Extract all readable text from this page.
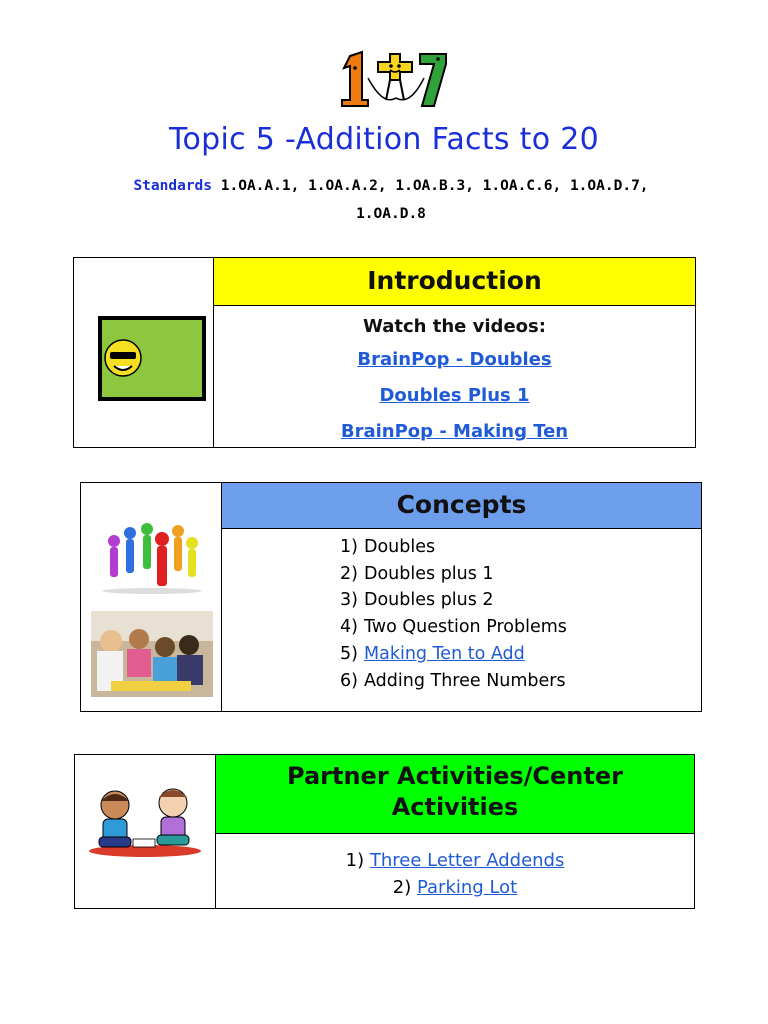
Topic 5 -Addition Facts to 20
Standards 1.OA.A.1, 1.OA.A.2, 1.OA.B.3, 1.OA.C.6, 1.OA.D.7,
1.OA.D.8
Introduction
Watch the videos:
BrainPop - Doubles
Doubles Plus 1
BrainPop - Making Ten
Concepts
1) Doubles
2) Doubles plus 1
3) Doubles plus 2
4) Two Question Problems
5) Making Ten to Add
6) Adding Three Numbers
Partner Activities/Center
Activities
1) Three Letter Addends
2) Parking Lot
